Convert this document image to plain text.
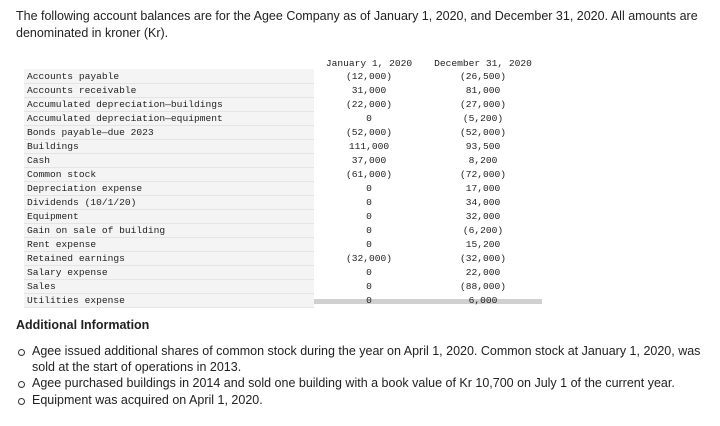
The following account balances are for the Agee Company as of January 1, 2020, and December 31, 2020. All amounts are denominated in kroner (Kr).

	January 1, 2020	December 31, 2020
Accounts payable	(12,000)	(26,500)
Accounts receivable	31,000	81,000
Accumulated depreciation—buildings	(22,000)	(27,000)
Accumulated depreciation—equipment	0	(5,200)
Bonds payable—due 2023	(52,000)	(52,000)
Buildings	111,000	93,500
Cash	37,000	8,200
Common stock	(61,000)	(72,000)
Depreciation expense	0	17,000
Dividends (10/1/20)	0	34,000
Equipment	0	32,000
Gain on sale of building	0	(6,200)
Rent expense	0	15,200
Retained earnings	(32,000)	(32,000)
Salary expense	0	22,000
Sales	0	(88,000)
Utilities expense	0	6,000

Additional Information

Agee issued additional shares of common stock during the year on April 1, 2020. Common stock at January 1, 2020, was sold at the start of operations in 2013.
Agee purchased buildings in 2014 and sold one building with a book value of Kr 10,700 on July 1 of the current year.
Equipment was acquired on April 1, 2020.
